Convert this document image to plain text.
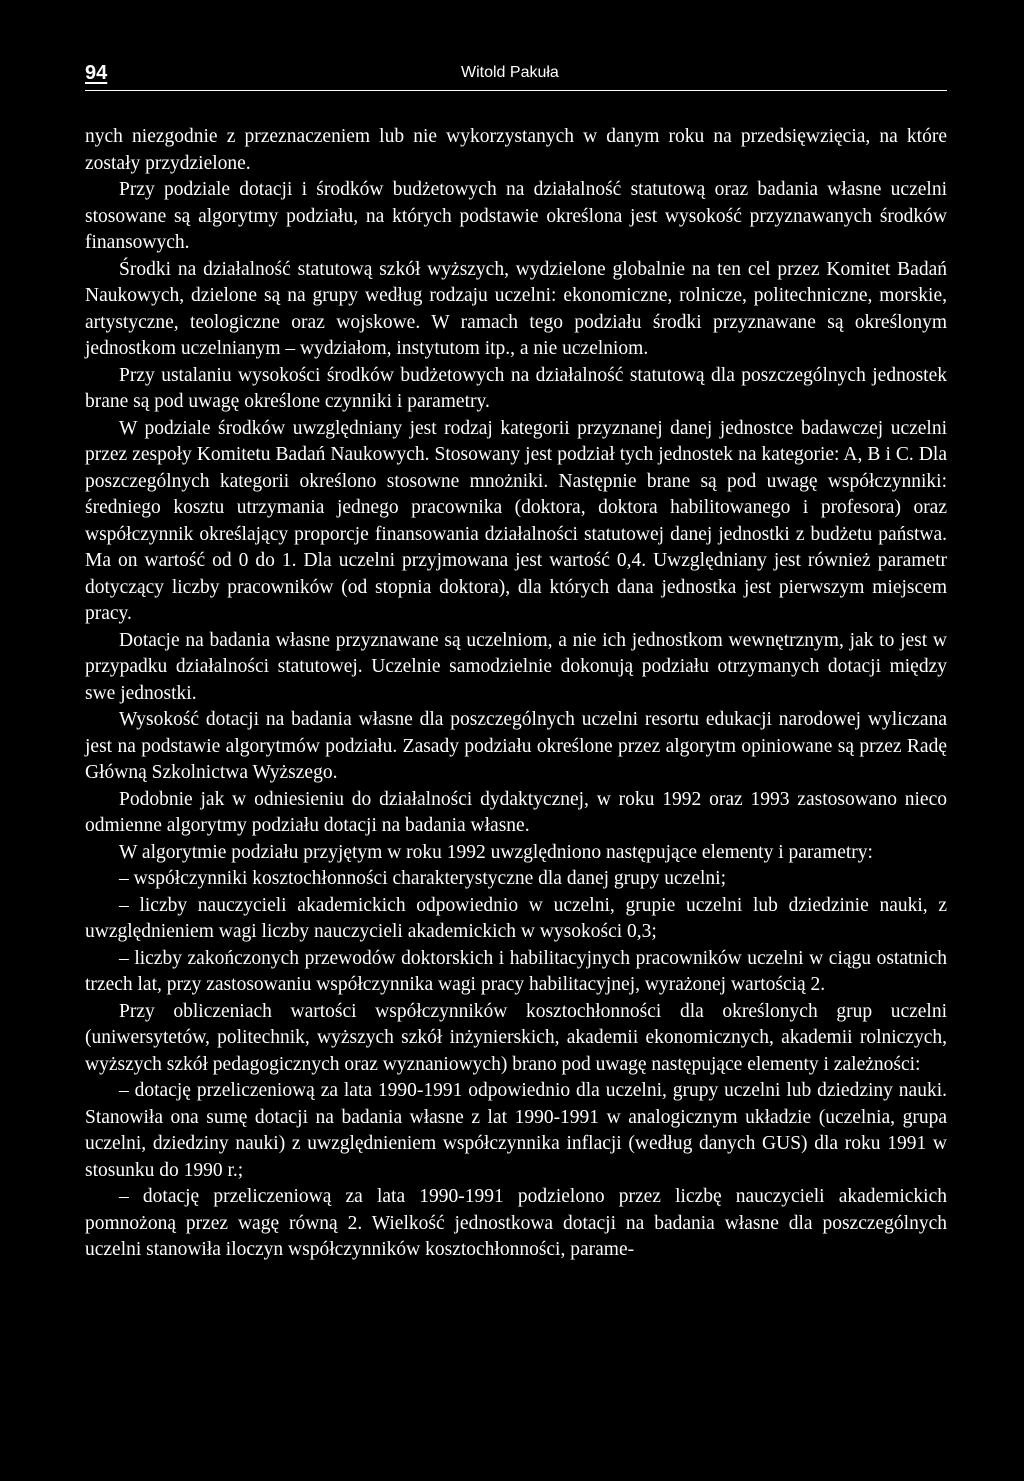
94	Witold Pakuła

nych niezgodnie z przeznaczeniem lub nie wykorzystanych w danym roku na przedsięwzięcia, na które zostały przydzielone.

Przy podziale dotacji i środków budżetowych na działalność statutową oraz badania własne uczelni stosowane są algorytmy podziału, na których podstawie określona jest wysokość przyznawanych środków finansowych.

Środki na działalność statutową szkół wyższych, wydzielone globalnie na ten cel przez Komitet Badań Naukowych, dzielone są na grupy według rodzaju uczelni: ekonomiczne, rolnicze, politechniczne, morskie, artystyczne, teologiczne oraz wojskowe. W ramach tego podziału środki przyznawane są określonym jednostkom uczelnianym – wydziałom, instytutom itp., a nie uczelniom.

Przy ustalaniu wysokości środków budżetowych na działalność statutową dla poszczególnych jednostek brane są pod uwagę określone czynniki i parametry.

W podziale środków uwzględniany jest rodzaj kategorii przyznanej danej jednostce badawczej uczelni przez zespoły Komitetu Badań Naukowych. Stosowany jest podział tych jednostek na kategorie: A, B i C. Dla poszczególnych kategorii określono stosowne mnożniki. Następnie brane są pod uwagę współczynniki: średniego kosztu utrzymania jednego pracownika (doktora, doktora habilitowanego i profesora) oraz współczynnik określający proporcje finansowania działalności statutowej danej jednostki z budżetu państwa. Ma on wartość od 0 do 1. Dla uczelni przyjmowana jest wartość 0,4. Uwzględniany jest również parametr dotyczący liczby pracowników (od stopnia doktora), dla których dana jednostka jest pierwszym miejscem pracy.

Dotacje na badania własne przyznawane są uczelniom, a nie ich jednostkom wewnętrznym, jak to jest w przypadku działalności statutowej. Uczelnie samodzielnie dokonują podziału otrzymanych dotacji między swe jednostki.

Wysokość dotacji na badania własne dla poszczególnych uczelni resortu edukacji narodowej wyliczana jest na podstawie algorytmów podziału. Zasady podziału określone przez algorytm opiniowane są przez Radę Główną Szkolnictwa Wyższego.

Podobnie jak w odniesieniu do działalności dydaktycznej, w roku 1992 oraz 1993 zastosowano nieco odmienne algorytmy podziału dotacji na badania własne.

W algorytmie podziału przyjętym w roku 1992 uwzględniono następujące elementy i parametry:

– współczynniki kosztochłonności charakterystyczne dla danej grupy uczelni;

– liczby nauczycieli akademickich odpowiednio w uczelni, grupie uczelni lub dziedzinie nauki, z uwzględnieniem wagi liczby nauczycieli akademickich w wysokości 0,3;

– liczby zakończonych przewodów doktorskich i habilitacyjnych pracowników uczelni w ciągu ostatnich trzech lat, przy zastosowaniu współczynnika wagi pracy habilitacyjnej, wyrażonej wartością 2.

Przy obliczeniach wartości współczynników kosztochłonności dla określonych grup uczelni (uniwersytetów, politechnik, wyższych szkół inżynierskich, akademii ekonomicznych, akademii rolniczych, wyższych szkół pedagogicznych oraz wyznaniowych) brano pod uwagę następujące elementy i zależności:

– dotację przeliczeniową za lata 1990-1991 odpowiednio dla uczelni, grupy uczelni lub dziedziny nauki. Stanowiła ona sumę dotacji na badania własne z lat 1990-1991 w analogicznym układzie (uczelnia, grupa uczelni, dziedziny nauki) z uwzględnieniem współczynnika inflacji (według danych GUS) dla roku 1991 w stosunku do 1990 r.;

– dotację przeliczeniową za lata 1990-1991 podzielono przez liczbę nauczycieli akademickich pomnożoną przez wagę równą 2. Wielkość jednostkowa dotacji na badania własne dla poszczególnych uczelni stanowiła iloczyn współczynników kosztochłonności, parame-
